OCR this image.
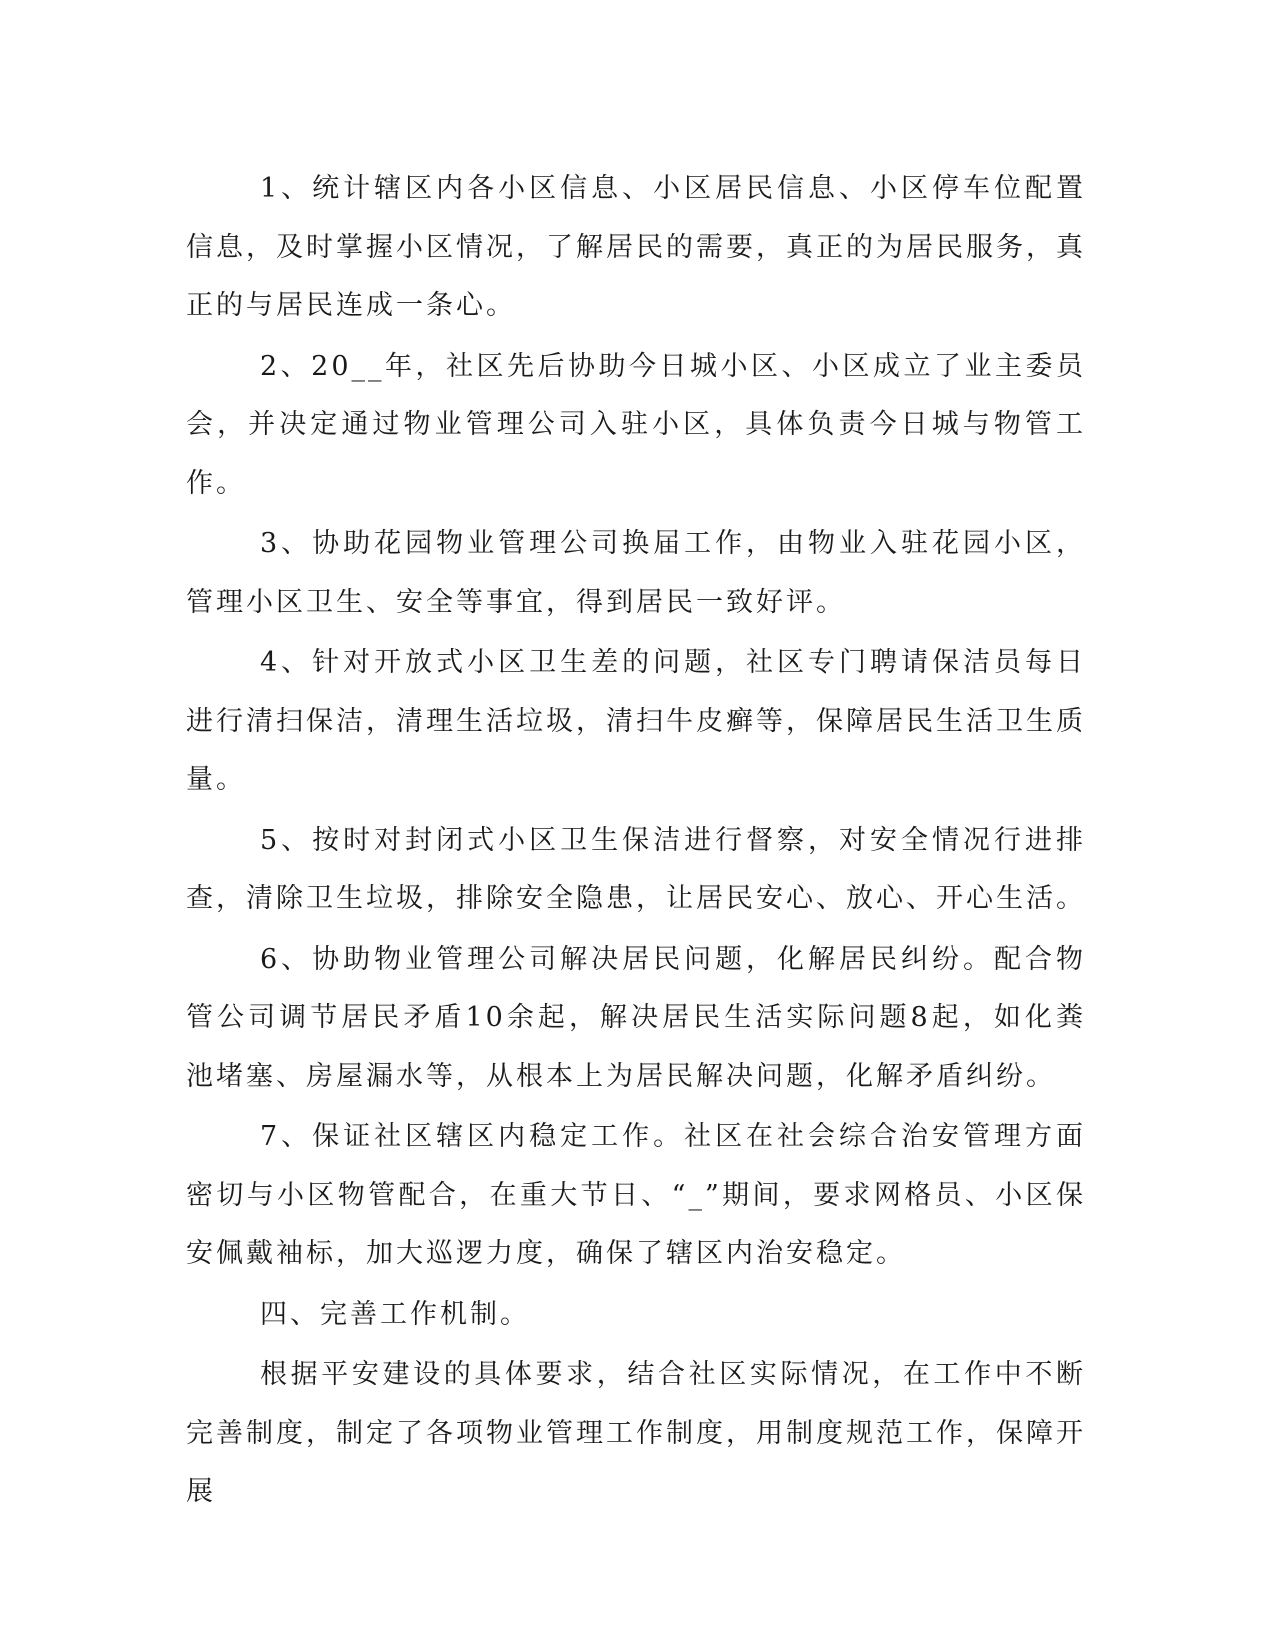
1、统计辖区内各小区信息、小区居民信息、小区停车位配置信息，及时掌握小区情况，了解居民的需要，真正的为居民服务，真正的与居民连成一条心。

2、20__年，社区先后协助今日城小区、小区成立了业主委员会，并决定通过物业管理公司入驻小区，具体负责今日城与物管工作。

3、协助花园物业管理公司换届工作，由物业入驻花园小区，管理小区卫生、安全等事宜，得到居民一致好评。

4、针对开放式小区卫生差的问题，社区专门聘请保洁员每日进行清扫保洁，清理生活垃圾，清扫牛皮癣等，保障居民生活卫生质量。

5、按时对封闭式小区卫生保洁进行督察，对安全情况行进排查，清除卫生垃圾，排除安全隐患，让居民安心、放心、开心生活。

6、协助物业管理公司解决居民问题，化解居民纠纷。配合物管公司调节居民矛盾10余起，解决居民生活实际问题8起，如化粪池堵塞、房屋漏水等，从根本上为居民解决问题，化解矛盾纠纷。

7、保证社区辖区内稳定工作。社区在社会综合治安管理方面密切与小区物管配合，在重大节日、“_”期间，要求网格员、小区保安佩戴袖标，加大巡逻力度，确保了辖区内治安稳定。

四、完善工作机制。

根据平安建设的具体要求，结合社区实际情况，在工作中不断完善制度，制定了各项物业管理工作制度，用制度规范工作，保障开展
